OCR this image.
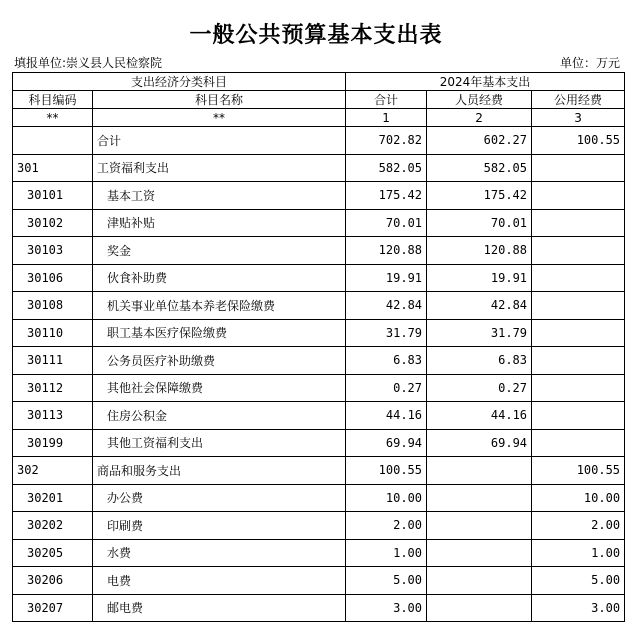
一般公共预算基本支出表
填报单位:崇义县人民检察院	单位：万元
支出经济分类科目		2024年基本支出		
科目编码	科目名称	合计	人员经费	公用经费
**	**	1	2	3
	合计	702.82	602.27	100.55
301	工资福利支出	582.05	582.05	
30101	基本工资	175.42	175.42	
30102	津贴补贴	70.01	70.01	
30103	奖金	120.88	120.88	
30106	伙食补助费	19.91	19.91	
30108	机关事业单位基本养老保险缴费	42.84	42.84	
30110	职工基本医疗保险缴费	31.79	31.79	
30111	公务员医疗补助缴费	6.83	6.83	
30112	其他社会保障缴费	0.27	0.27	
30113	住房公积金	44.16	44.16	
30199	其他工资福利支出	69.94	69.94	
302	商品和服务支出	100.55		100.55
30201	办公费	10.00		10.00
30202	印刷费	2.00		2.00
30205	水费	1.00		1.00
30206	电费	5.00		5.00
30207	邮电费	3.00		3.00
